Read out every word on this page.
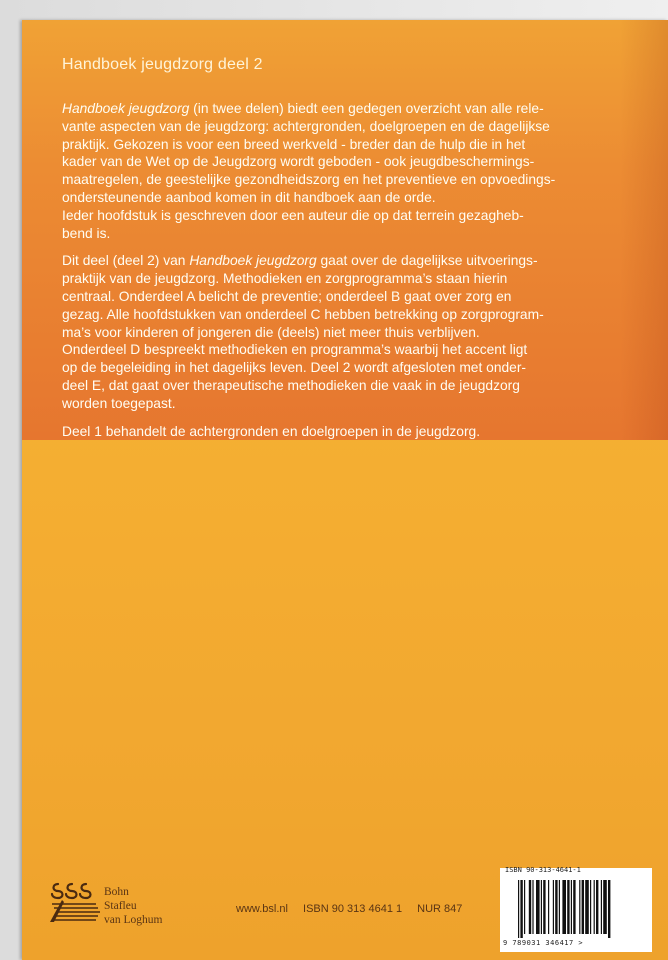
Handboek jeugdzorg deel 2

Handboek jeugdzorg (in twee delen) biedt een gedegen overzicht van alle rele-
vante aspecten van de jeugdzorg: achtergronden, doelgroepen en de dagelijkse
praktijk. Gekozen is voor een breed werkveld - breder dan de hulp die in het
kader van de Wet op de Jeugdzorg wordt geboden - ook jeugdbeschermings-
maatregelen, de geestelijke gezondheidszorg en het preventieve en opvoedings-
ondersteunende aanbod komen in dit handboek aan de orde.
Ieder hoofdstuk is geschreven door een auteur die op dat terrein gezagheb-
bend is.

Dit deel (deel 2) van Handboek jeugdzorg gaat over de dagelijkse uitvoerings-
praktijk van de jeugdzorg. Methodieken en zorgprogramma’s staan hierin
centraal. Onderdeel A belicht de preventie; onderdeel B gaat over zorg en
gezag. Alle hoofdstukken van onderdeel C hebben betrekking op zorgprogram-
ma’s voor kinderen of jongeren die (deels) niet meer thuis verblijven.
Onderdeel D bespreekt methodieken en programma’s waarbij het accent ligt
op de begeleiding in het dagelijks leven. Deel 2 wordt afgesloten met onder-
deel E, dat gaat over therapeutische methodieken die vaak in de jeugdzorg
worden toegepast.

Deel 1 behandelt de achtergronden en doelgroepen in de jeugdzorg.

Bohn
Stafleu
van Loghum
www.bsl.nl ISBN 90 313 4641 1 NUR 847
ISBN 90-313-4641-1
9 789031 346417 >
